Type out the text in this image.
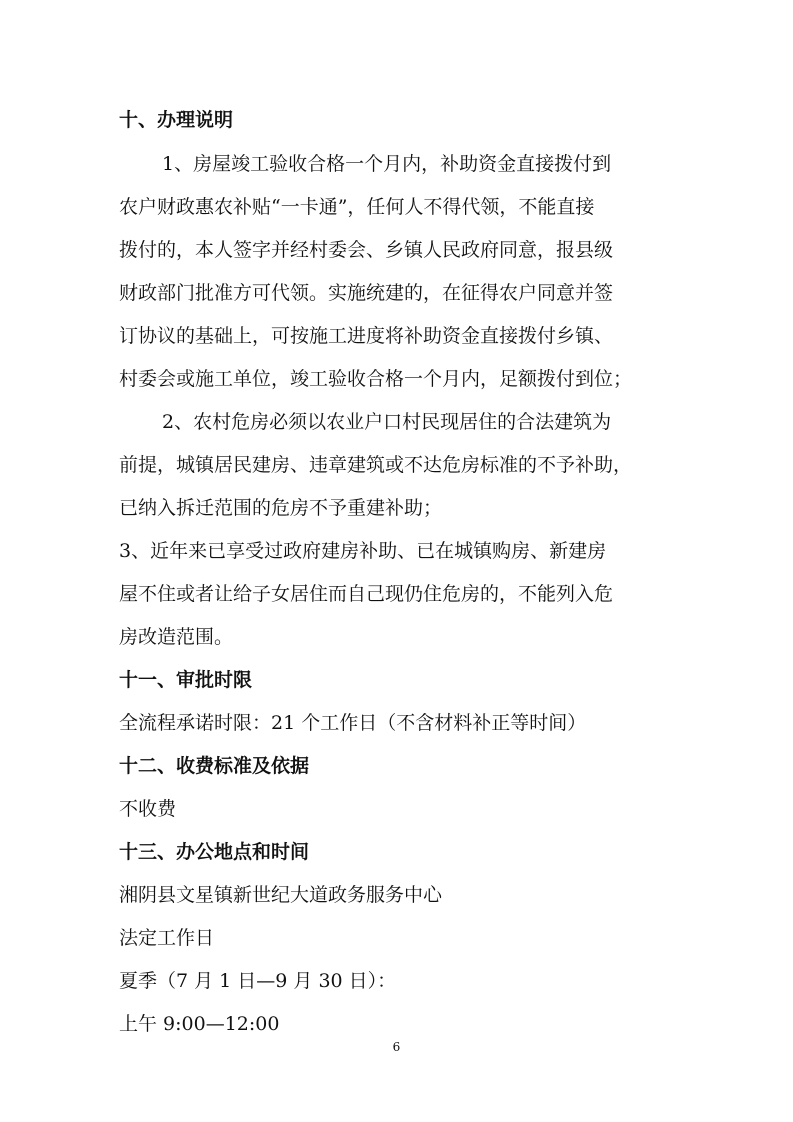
十、办理说明
1、房屋竣工验收合格一个月内，补助资金直接拨付到
农户财政惠农补贴“一卡通”，任何人不得代领，不能直接
拨付的，本人签字并经村委会、乡镇人民政府同意，报县级
财政部门批准方可代领。实施统建的，在征得农户同意并签
订协议的基础上，可按施工进度将补助资金直接拨付乡镇、
村委会或施工单位，竣工验收合格一个月内，足额拨付到位；
2、农村危房必须以农业户口村民现居住的合法建筑为
前提，城镇居民建房、违章建筑或不达危房标准的不予补助，
已纳入拆迁范围的危房不予重建补助；
3、近年来已享受过政府建房补助、已在城镇购房、新建房
屋不住或者让给子女居住而自己现仍住危房的，不能列入危
房改造范围。
十一、审批时限
全流程承诺时限：21 个工作日（不含材料补正等时间）
十二、收费标准及依据
不收费
十三、办公地点和时间
湘阴县文星镇新世纪大道政务服务中心
法定工作日
夏季（7 月 1 日—9 月 30 日）：
上午 9:00—12:00
6
